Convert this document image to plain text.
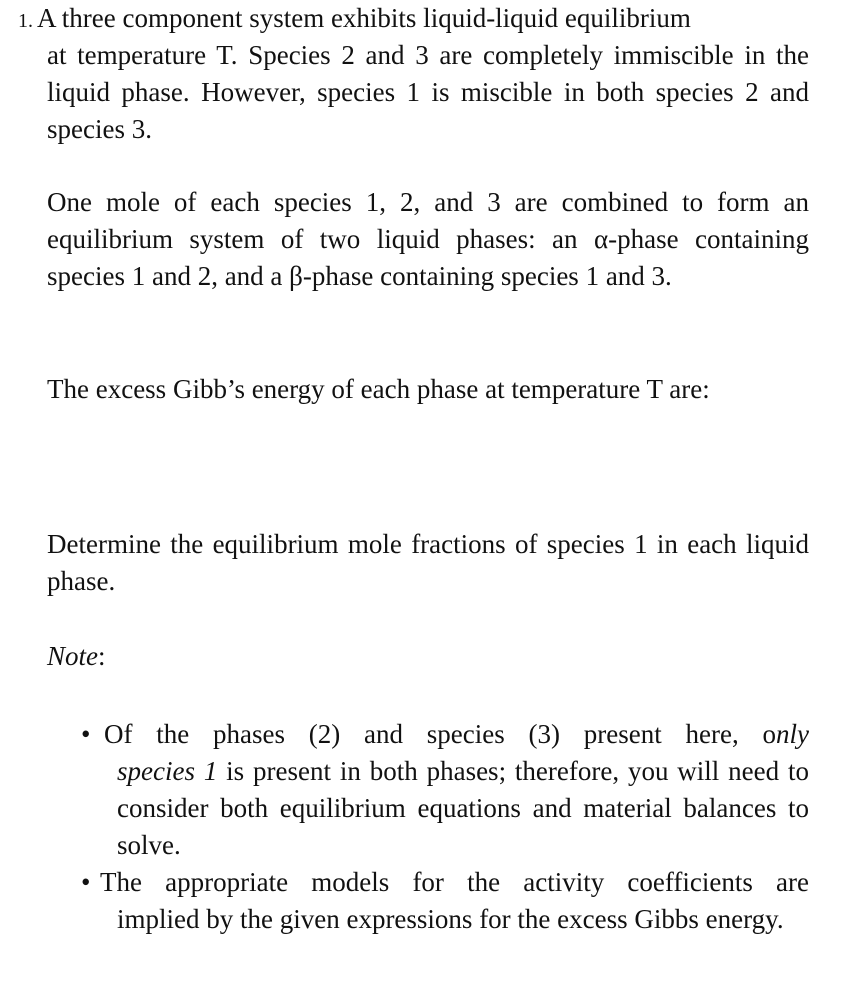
1. A three component system exhibits liquid-liquid equilibrium

at temperature T. Species 2 and 3 are completely immiscible in the liquid phase. However, species 1 is miscible in both species 2 and species 3.

One mole of each species 1, 2, and 3 are combined to form an equilibrium system of two liquid phases: an α-phase containing species 1 and 2, and a β-phase containing species 1 and 3.

The excess Gibb’s energy of each phase at temperature T are:

Determine the equilibrium mole fractions of species 1 in each liquid phase.

Note:

• Of the phases (2) and species (3) present here, only
species 1 is present in both phases; therefore, you will need to consider both equilibrium equations and material balances to solve.
• The appropriate models for the activity coefficients are
implied by the given expressions for the excess Gibbs energy.
